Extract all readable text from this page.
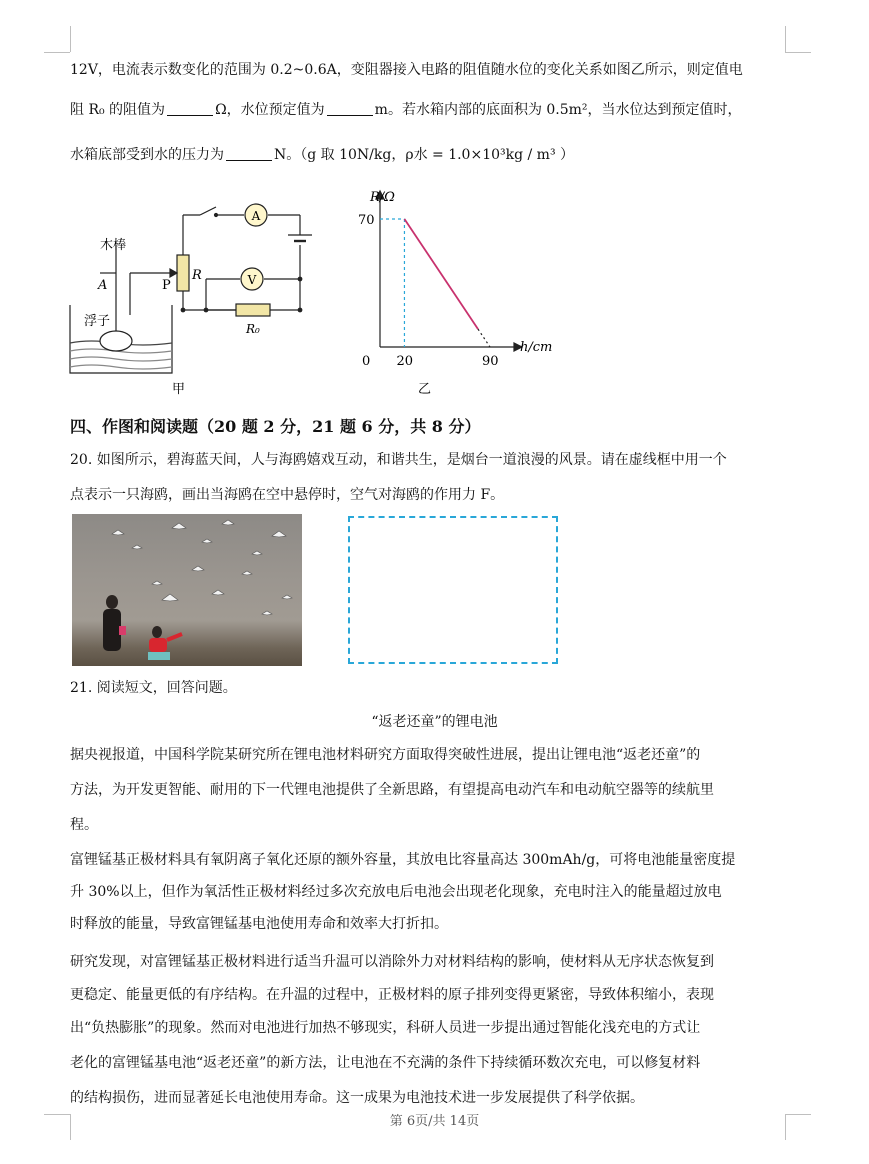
12V，电流表示数变化的范围为 0.2~0.6A，变阻器接入电路的阻值随水位的变化关系如图乙所示，则定值电
阻 R₀ 的阻值为	Ω，水位预定值为	m。若水箱内部的底面积为 0.5m²，当水位达到预定值时，
水箱底部受到水的压力为	N。（g 取 10N/kg，ρ水 = 1.0×10³kg / m³ ）
A
V
木棒
A
浮子
P
R
R₀
甲
R/Ω
h/cm
70
0 20	90
乙
四、作图和阅读题（20 题 2 分，21 题 6 分，共 8 分）
20. 如图所示，碧海蓝天间，人与海鸥嬉戏互动，和谐共生，是烟台一道浪漫的风景。请在虚线框中用一个
点表示一只海鸥，画出当海鸥在空中悬停时，空气对海鸥的作用力 F。
21. 阅读短文，回答问题。
“返老还童”的锂电池
据央视报道，中国科学院某研究所在锂电池材料研究方面取得突破性进展，提出让锂电池“返老还童”的
方法，为开发更智能、耐用的下一代锂电池提供了全新思路，有望提高电动汽车和电动航空器等的续航里
程。
富锂锰基正极材料具有氧阴离子氧化还原的额外容量，其放电比容量高达 300mAh/g，可将电池能量密度提
升 30%以上，但作为氧活性正极材料经过多次充放电后电池会出现老化现象，充电时注入的能量超过放电
时释放的能量，导致富锂锰基电池使用寿命和效率大打折扣。
研究发现，对富锂锰基正极材料进行适当升温可以消除外力对材料结构的影响，使材料从无序状态恢复到
更稳定、能量更低的有序结构。在升温的过程中，正极材料的原子排列变得更紧密，导致体积缩小，表现
出“负热膨胀”的现象。然而对电池进行加热不够现实，科研人员进一步提出通过智能化浅充电的方式让
老化的富锂锰基电池“返老还童”的新方法，让电池在不充满的条件下持续循环数次充电，可以修复材料
的结构损伤，进而显著延长电池使用寿命。这一成果为电池技术进一步发展提供了科学依据。
第 6页/共 14页
